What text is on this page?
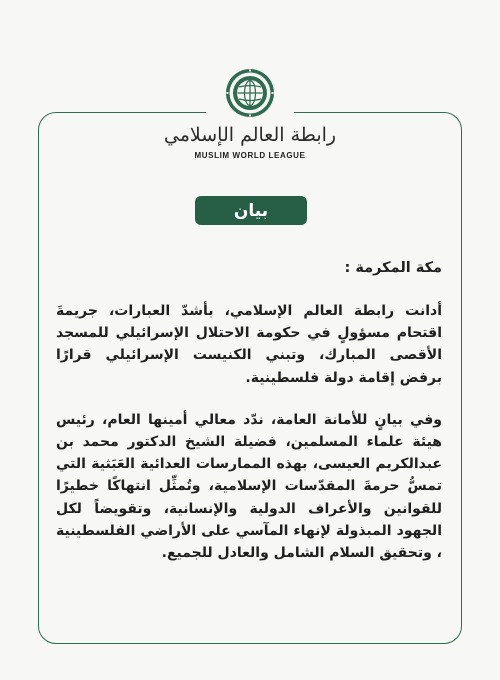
رابطة العالم الإسلامي
MUSLIM WORLD LEAGUE
بيان

مكة المكرمة :

أدانت رابطة العالم الإسلامي، بأشدّ العبارات، جريمةَ اقتحام مسؤولٍ في حكومة الاحتلال الإسرائيلي للمسجد الأقصى المبارك، وتبني الكنيست الإسرائيلي قرارًا برفض إقامة دولة فلسطينية.

وفي بيانٍ للأمانة العامة، ندّد معالي أمينها العام، رئيس هيئة علماء المسلمين، فضيلة الشيخ الدكتور محمد بن عبدالكريم العيسى، بهذه الممارسات العدائية العَبَثية التي تمسُّ حرمةَ المقدّسات الإسلامية، وتُمثِّل انتهاكًا خطيرًا للقوانين والأعراف الدولية والإنسانية، وتقويضاً لكل الجهود المبذولة لإنهاء المآسي على الأراضي الفلسطينية ، وتحقيق السلام الشامل والعادل للجميع.
